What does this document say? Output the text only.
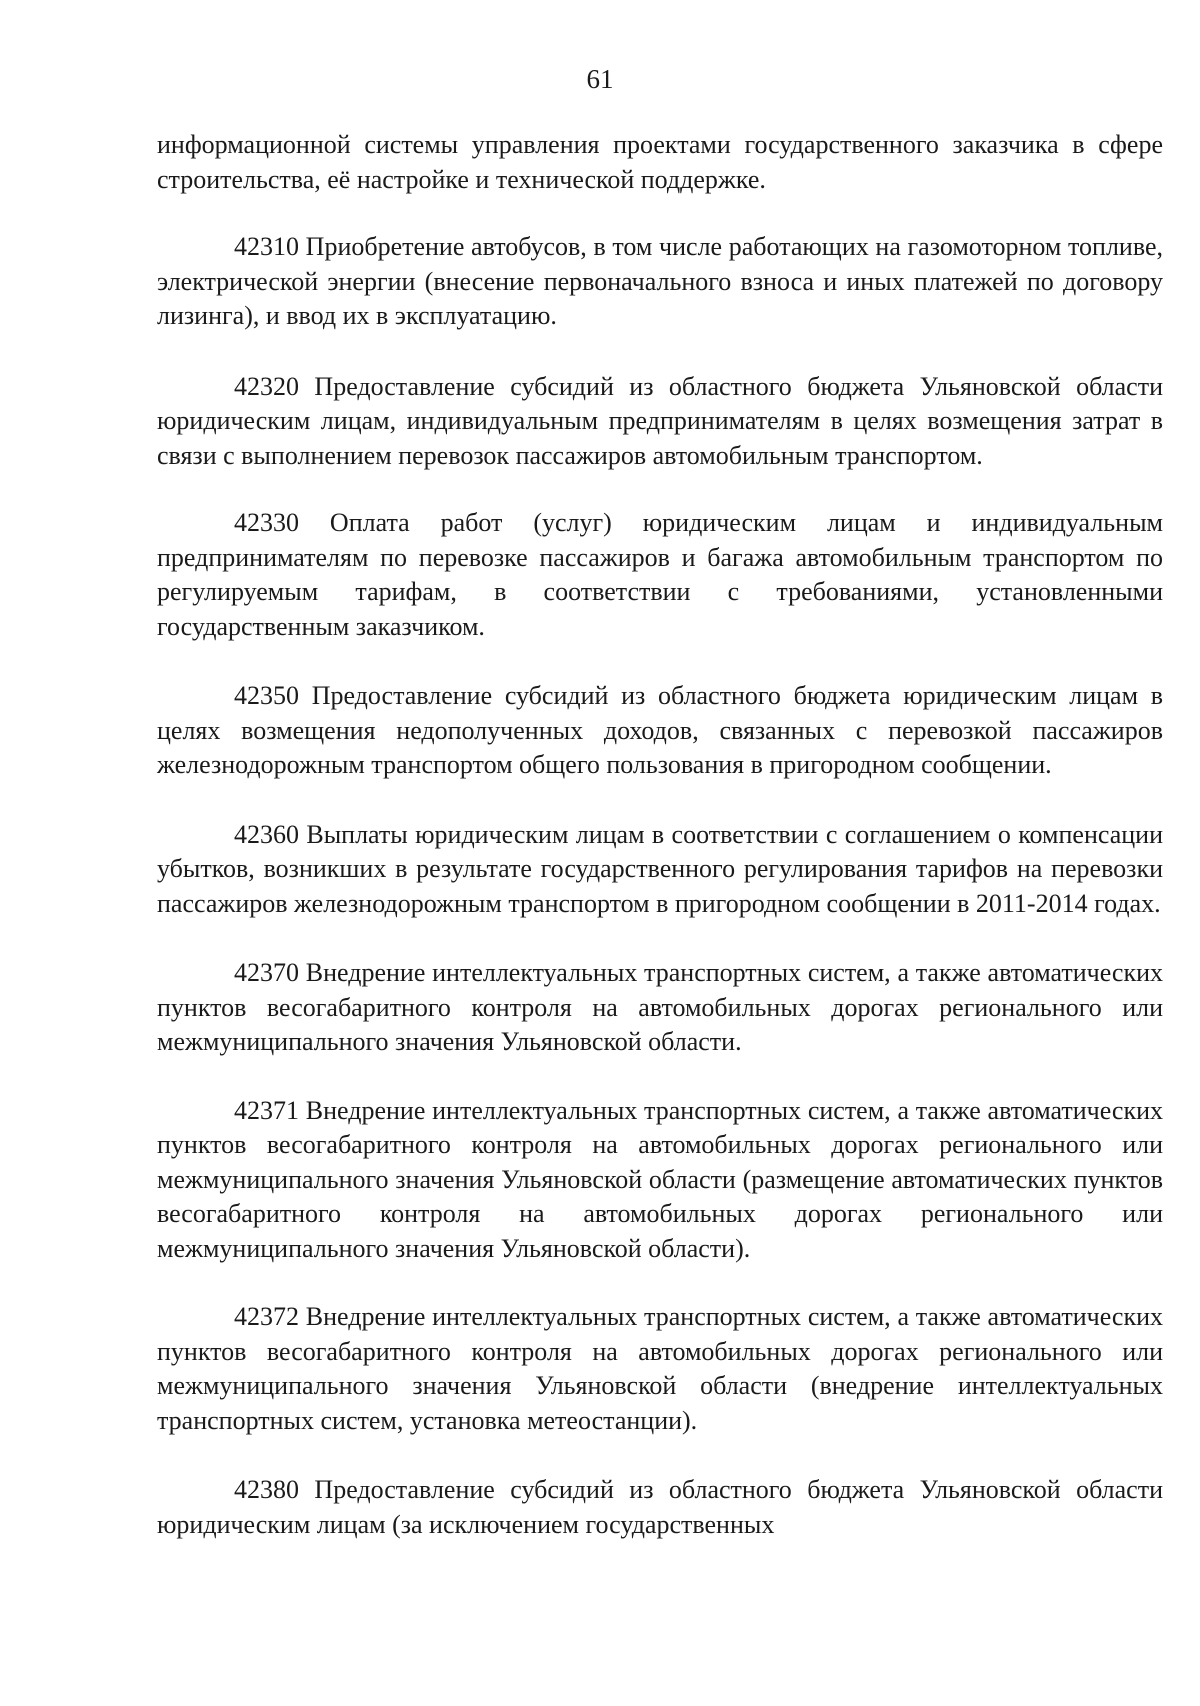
61

информационной системы управления проектами государственного заказчика в сфере строительства, её настройке и технической поддержке.

42310 Приобретение автобусов, в том числе работающих на газомоторном топливе, электрической энергии (внесение первоначального взноса и иных платежей по договору лизинга), и ввод их в эксплуатацию.

42320 Предоставление субсидий из областного бюджета Ульяновской области юридическим лицам, индивидуальным предпринимателям в целях возмещения затрат в связи с выполнением перевозок пассажиров автомобильным транспортом.

42330 Оплата работ (услуг) юридическим лицам и индивидуальным предпринимателям по перевозке пассажиров и багажа автомобильным транспортом по регулируемым тарифам, в соответствии с требованиями, установленными государственным заказчиком.

42350 Предоставление субсидий из областного бюджета юридическим лицам в целях возмещения недополученных доходов, связанных с перевозкой пассажиров железнодорожным транспортом общего пользования в пригородном сообщении.

42360 Выплаты юридическим лицам в соответствии с соглашением о компенсации убытков, возникших в результате государственного регулирования тарифов на перевозки пассажиров железнодорожным транспортом в пригородном сообщении в 2011-2014 годах.

42370 Внедрение интеллектуальных транспортных систем, а также автоматических пунктов весогабаритного контроля на автомобильных дорогах регионального или межмуниципального значения Ульяновской области.

42371 Внедрение интеллектуальных транспортных систем, а также автоматических пунктов весогабаритного контроля на автомобильных дорогах регионального или межмуниципального значения Ульяновской области (размещение автоматических пунктов весогабаритного контроля на автомобильных дорогах регионального или межмуниципального значения Ульяновской области).

42372 Внедрение интеллектуальных транспортных систем, а также автоматических пунктов весогабаритного контроля на автомобильных дорогах регионального или межмуниципального значения Ульяновской области (внедрение интеллектуальных транспортных систем, установка метеостанции).

42380 Предоставление субсидий из областного бюджета Ульяновской области юридическим лицам (за исключением государственных
